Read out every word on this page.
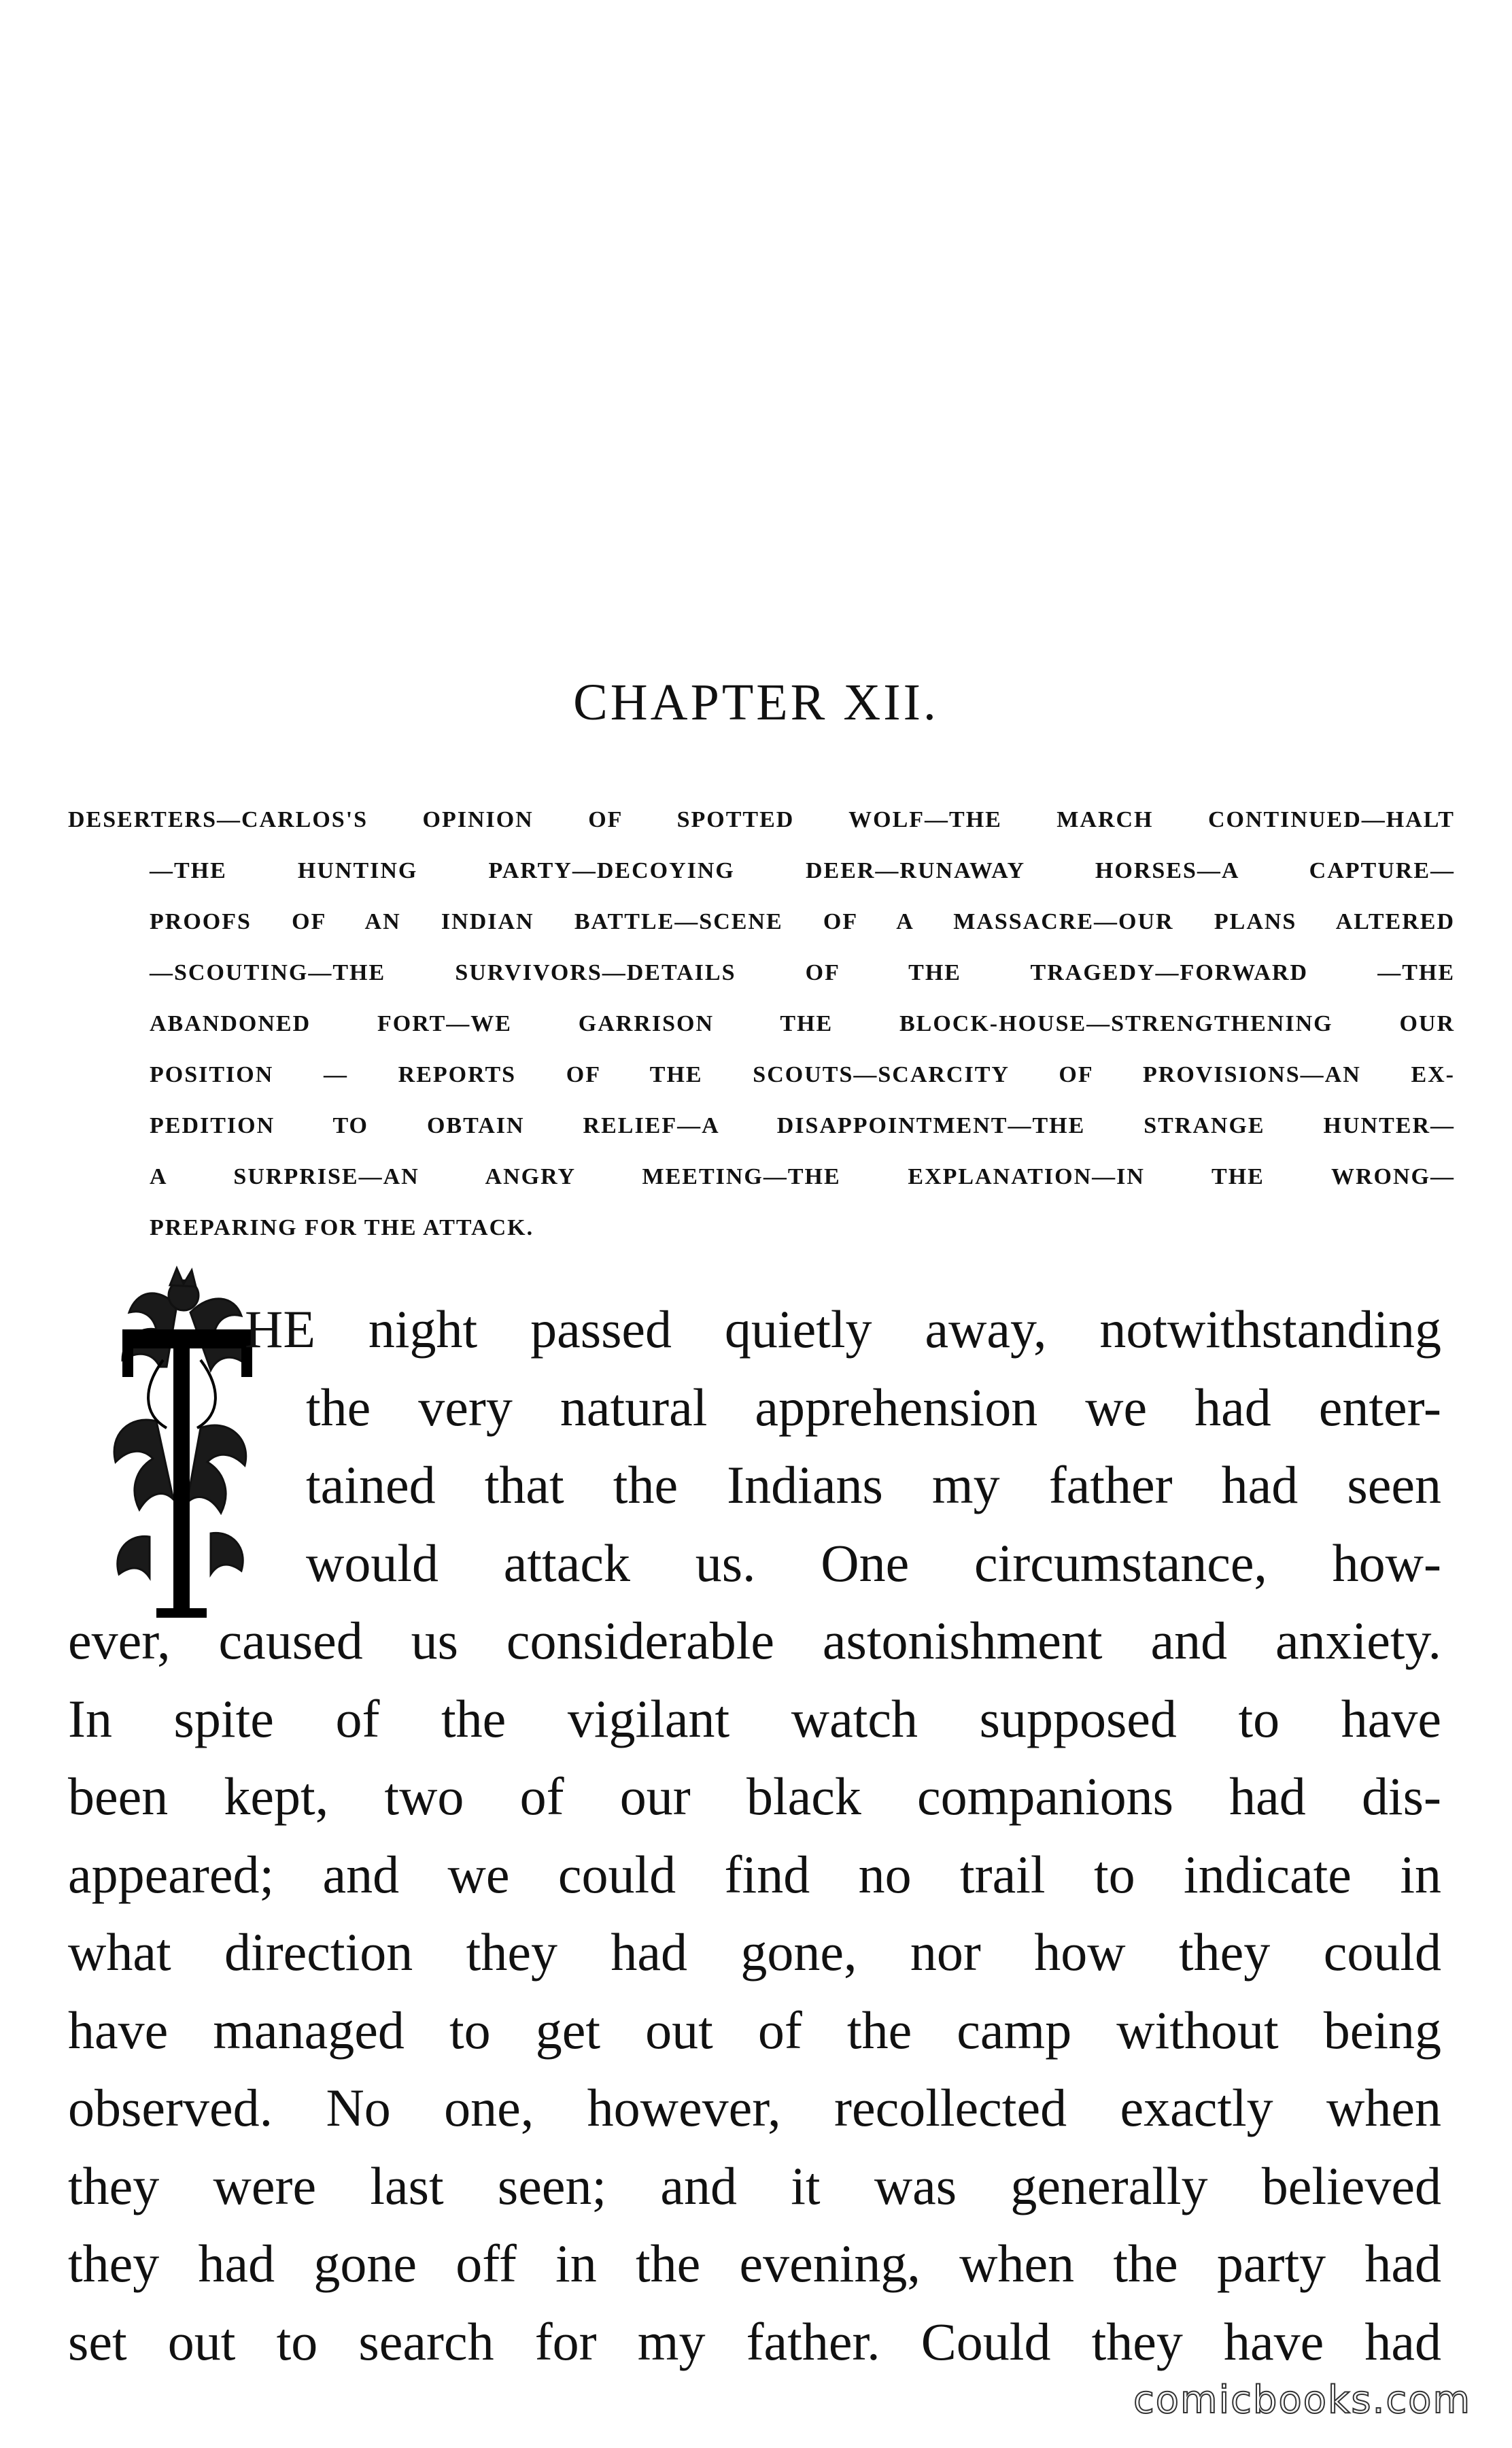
CHAPTER XII.
DESERTERS—CARLOS'S OPINION OF SPOTTED WOLF—THE MARCH CONTINUED—HALT
—THE HUNTING PARTY—DECOYING DEER—RUNAWAY HORSES—A CAPTURE—
PROOFS OF AN INDIAN BATTLE—SCENE OF A MASSACRE—OUR PLANS ALTERED
—SCOUTING—THE SURVIVORS—DETAILS OF THE TRAGEDY—FORWARD —THE
ABANDONED FORT—WE GARRISON THE BLOCK-HOUSE—STRENGTHENING OUR
POSITION — REPORTS OF THE SCOUTS—SCARCITY OF PROVISIONS—AN EX-
PEDITION TO OBTAIN RELIEF—A DISAPPOINTMENT—THE STRANGE HUNTER—
A SURPRISE—AN ANGRY MEETING—THE EXPLANATION—IN THE WRONG—
PREPARING FOR THE ATTACK.
HE night passed quietly away, notwithstanding
the very natural apprehension we had enter-
tained that the Indians my father had seen
would attack us. One circumstance, how-
ever, caused us considerable astonishment and anxiety.
In spite of the vigilant watch supposed to have
been kept, two of our black companions had dis-
appeared; and we could find no trail to indicate in
what direction they had gone, nor how they could
have managed to get out of the camp without being
observed. No one, however, recollected exactly when
they were last seen; and it was generally believed
they had gone off in the evening, when the party had
set out to search for my father. Could they have had
comicbooks.com
